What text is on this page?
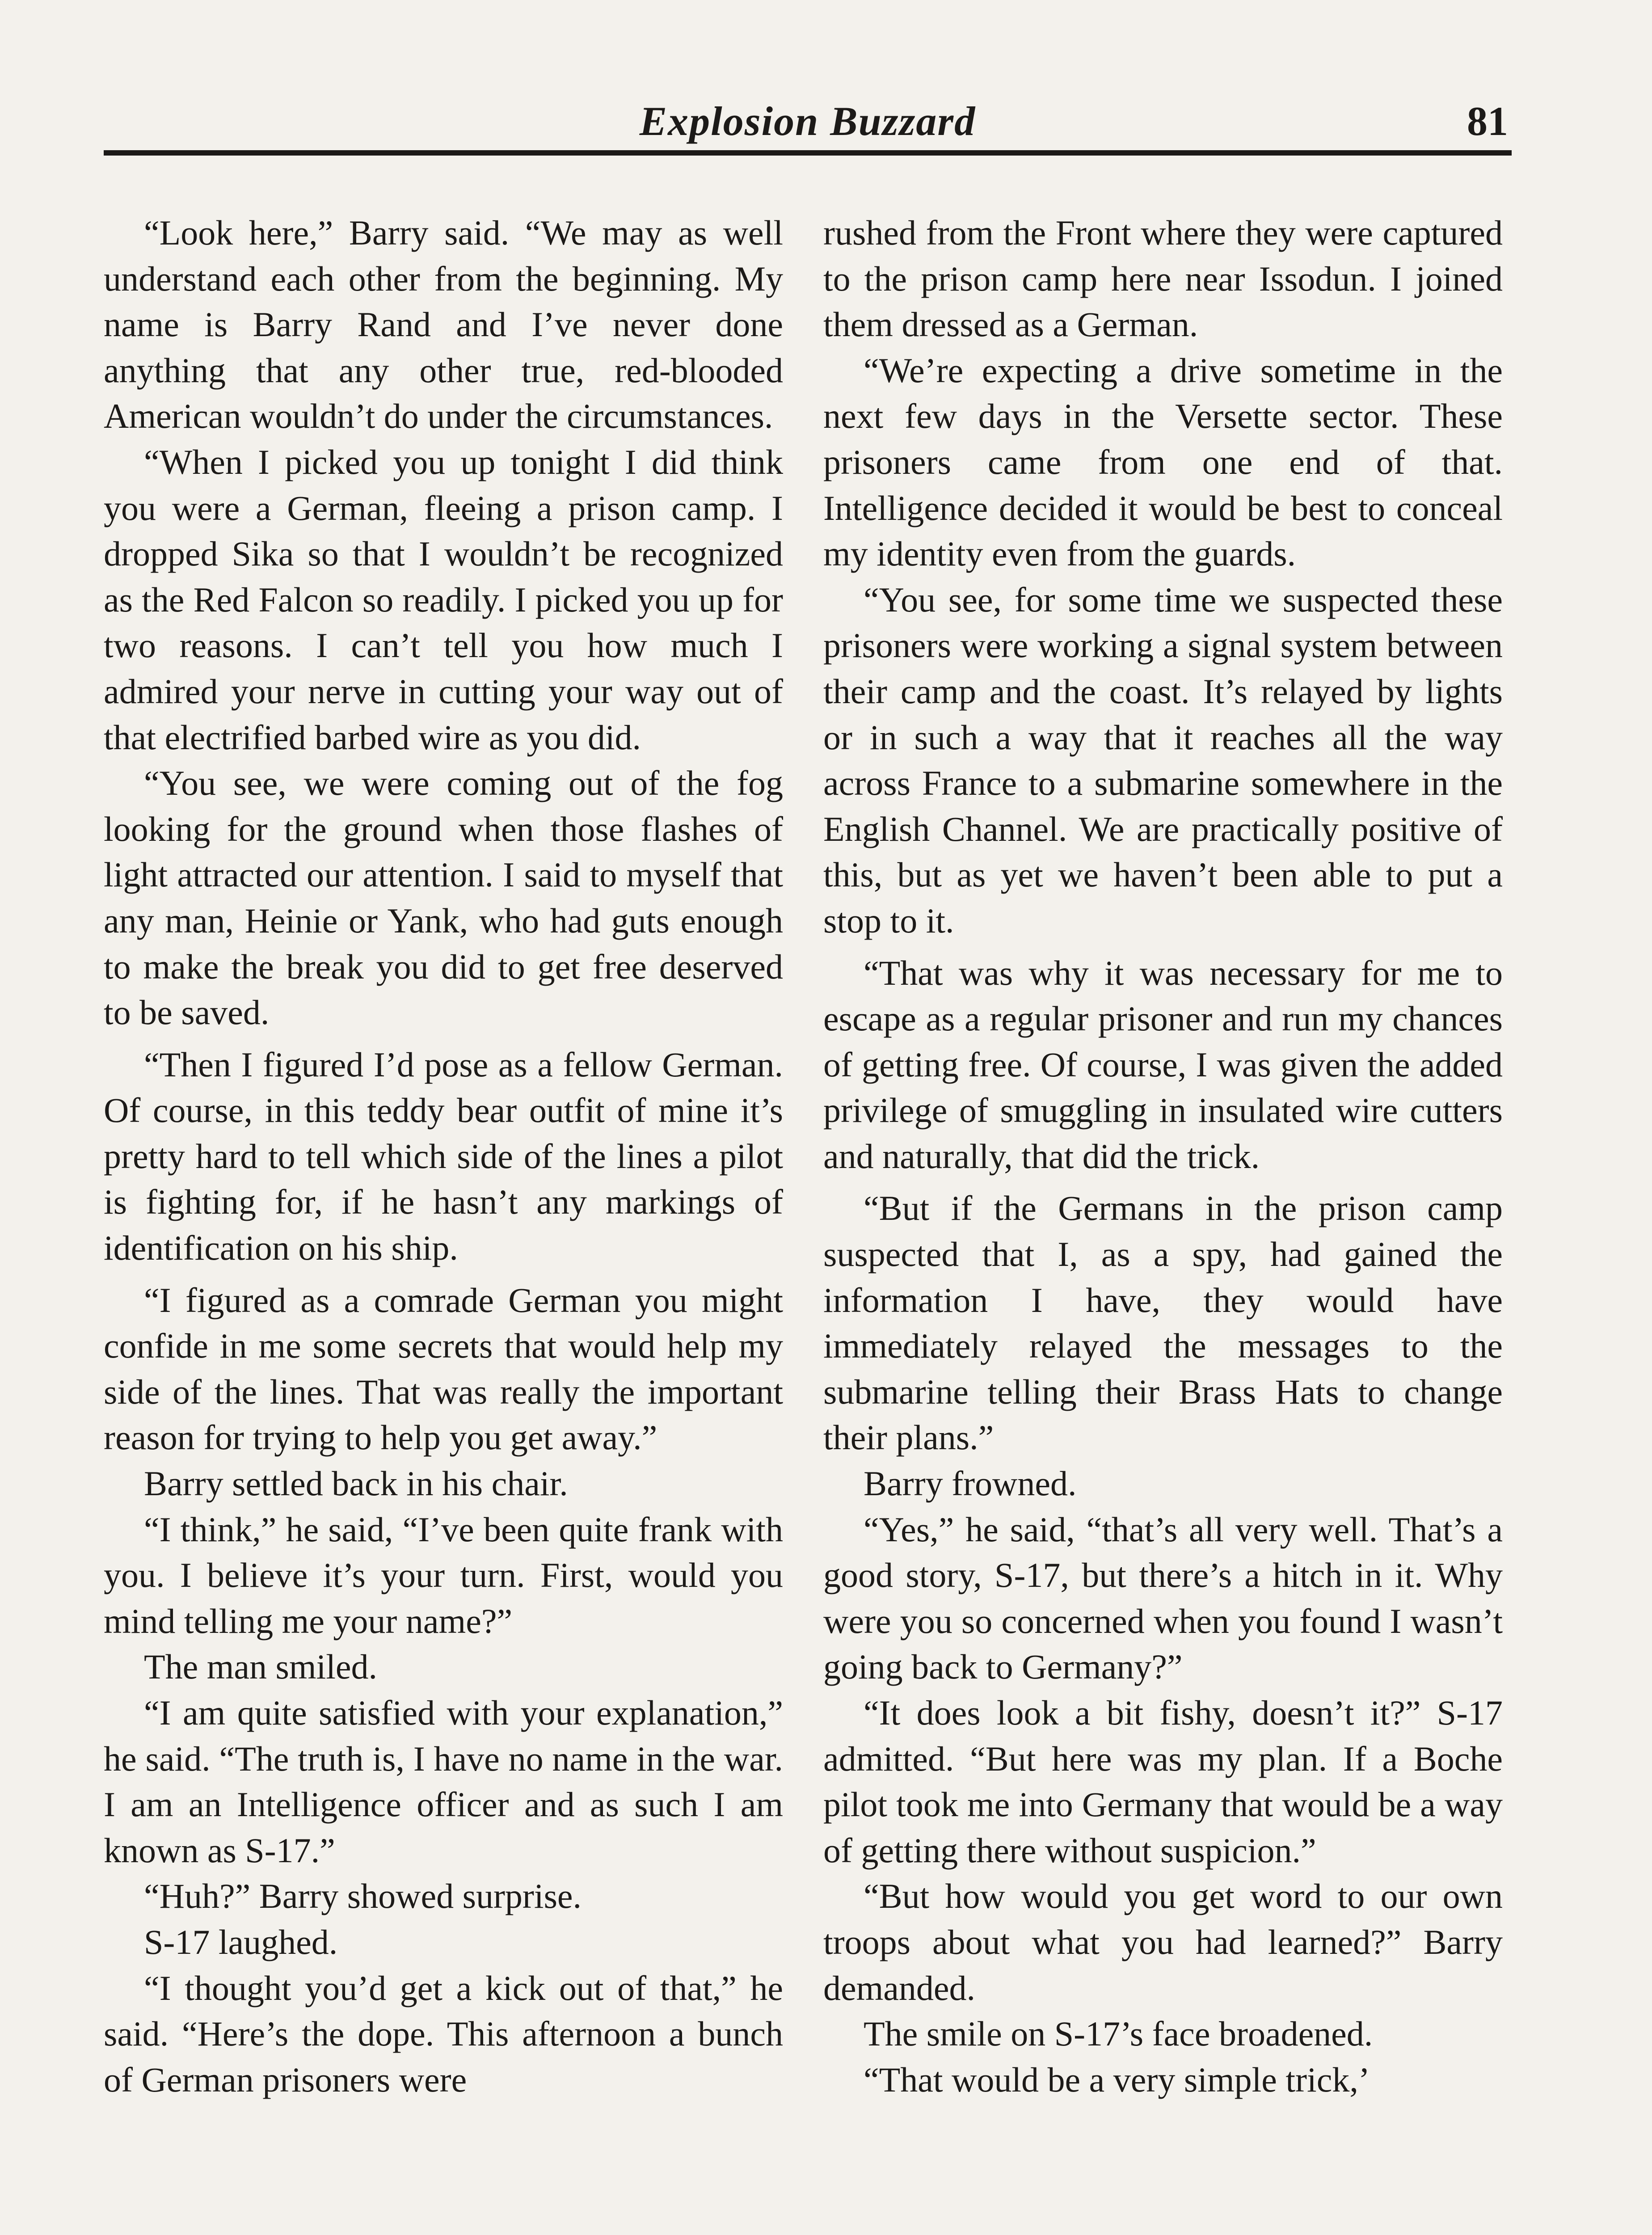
Explosion Buzzard	81

“Look here,” Barry said. “We may as well understand each other from the beginning. My name is Barry Rand and I’ve never done anything that any other true, red-blooded American wouldn’t do under the circumstances.

“When I picked you up tonight I did think you were a German, fleeing a prison camp. I dropped Sika so that I wouldn’t be recognized as the Red Falcon so readily. I picked you up for two reasons. I can’t tell you how much I admired your nerve in cutting your way out of that electrified barbed wire as you did.

“You see, we were coming out of the fog looking for the ground when those flashes of light attracted our attention. I said to myself that any man, Heinie or Yank, who had guts enough to make the break you did to get free deserved to be saved.

“Then I figured I’d pose as a fellow German. Of course, in this teddy bear outfit of mine it’s pretty hard to tell which side of the lines a pilot is fighting for, if he hasn’t any markings of identification on his ship.

“I figured as a comrade German you might confide in me some secrets that would help my side of the lines. That was really the important reason for trying to help you get away.”

Barry settled back in his chair.

“I think,” he said, “I’ve been quite frank with you. I believe it’s your turn. First, would you mind telling me your name?”

The man smiled.

“I am quite satisfied with your explanation,” he said. “The truth is, I have no name in the war. I am an Intelligence officer and as such I am known as S-17.”

“Huh?” Barry showed surprise.

S-17 laughed.

“I thought you’d get a kick out of that,” he said. “Here’s the dope. This afternoon a bunch of German prisoners were

rushed from the Front where they were captured to the prison camp here near Issodun. I joined them dressed as a German.

“We’re expecting a drive sometime in the next few days in the Versette sector. These prisoners came from one end of that. Intelligence decided it would be best to conceal my identity even from the guards.

“You see, for some time we suspected these prisoners were working a signal system between their camp and the coast. It’s relayed by lights or in such a way that it reaches all the way across France to a submarine somewhere in the English Channel. We are practically positive of this, but as yet we haven’t been able to put a stop to it.

“That was why it was necessary for me to escape as a regular prisoner and run my chances of getting free. Of course, I was given the added privilege of smuggling in insulated wire cutters and naturally, that did the trick.

“But if the Germans in the prison camp suspected that I, as a spy, had gained the information I have, they would have immediately relayed the messages to the submarine telling their Brass Hats to change their plans.”

Barry frowned.

“Yes,” he said, “that’s all very well. That’s a good story, S-17, but there’s a hitch in it. Why were you so concerned when you found I wasn’t going back to Germany?”

“It does look a bit fishy, doesn’t it?” S-17 admitted. “But here was my plan. If a Boche pilot took me into Germany that would be a way of getting there without suspicion.”

“But how would you get word to our own troops about what you had learned?” Barry demanded.

The smile on S-17’s face broadened.

“That would be a very simple trick,’
